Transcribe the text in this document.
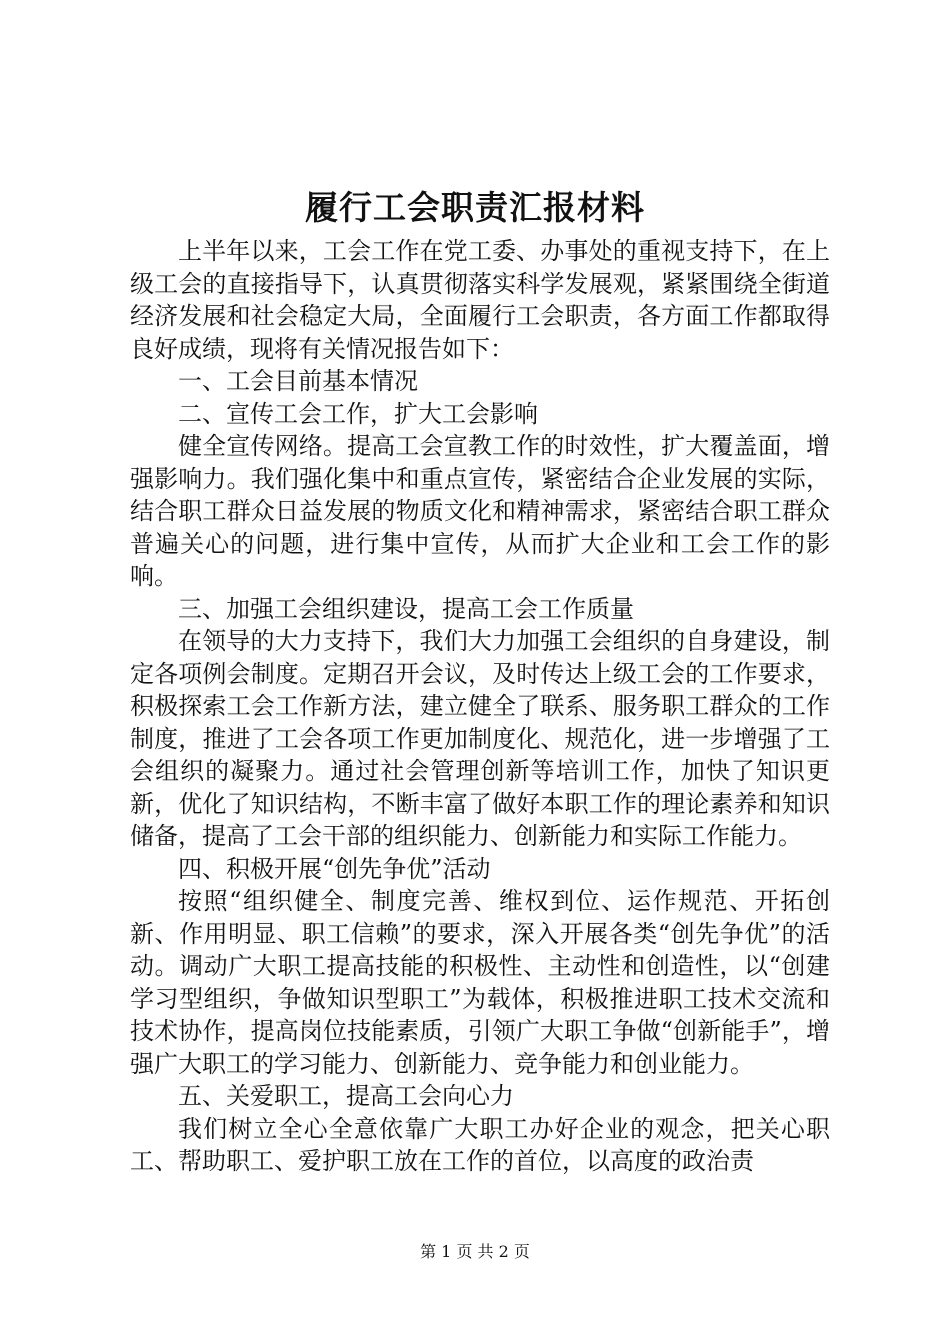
履行工会职责汇报材料

上半年以来，工会工作在党工委、办事处的重视支持下，在上级工会的直接指导下，认真贯彻落实科学发展观，紧紧围绕全街道经济发展和社会稳定大局，全面履行工会职责，各方面工作都取得良好成绩，现将有关情况报告如下：

一、工会目前基本情况

二、宣传工会工作，扩大工会影响

健全宣传网络。提高工会宣教工作的时效性，扩大覆盖面，增强影响力。我们强化集中和重点宣传，紧密结合企业发展的实际，结合职工群众日益发展的物质文化和精神需求，紧密结合职工群众普遍关心的问题，进行集中宣传，从而扩大企业和工会工作的影响。

三、加强工会组织建设，提高工会工作质量

在领导的大力支持下，我们大力加强工会组织的自身建设，制定各项例会制度。定期召开会议，及时传达上级工会的工作要求，积极探索工会工作新方法，建立健全了联系、服务职工群众的工作制度，推进了工会各项工作更加制度化、规范化，进一步增强了工会组织的凝聚力。通过社会管理创新等培训工作，加快了知识更新，优化了知识结构，不断丰富了做好本职工作的理论素养和知识储备，提高了工会干部的组织能力、创新能力和实际工作能力。

四、积极开展“创先争优”活动

按照“组织健全、制度完善、维权到位、运作规范、开拓创新、作用明显、职工信赖”的要求，深入开展各类“创先争优”的活动。调动广大职工提高技能的积极性、主动性和创造性，以“创建学习型组织，争做知识型职工”为载体，积极推进职工技术交流和技术协作，提高岗位技能素质，引领广大职工争做“创新能手”，增强广大职工的学习能力、创新能力、竞争能力和创业能力。

五、关爱职工，提高工会向心力

我们树立全心全意依靠广大职工办好企业的观念，把关心职工、帮助职工、爱护职工放在工作的首位，以高度的政治责

第 1 页 共 2 页
